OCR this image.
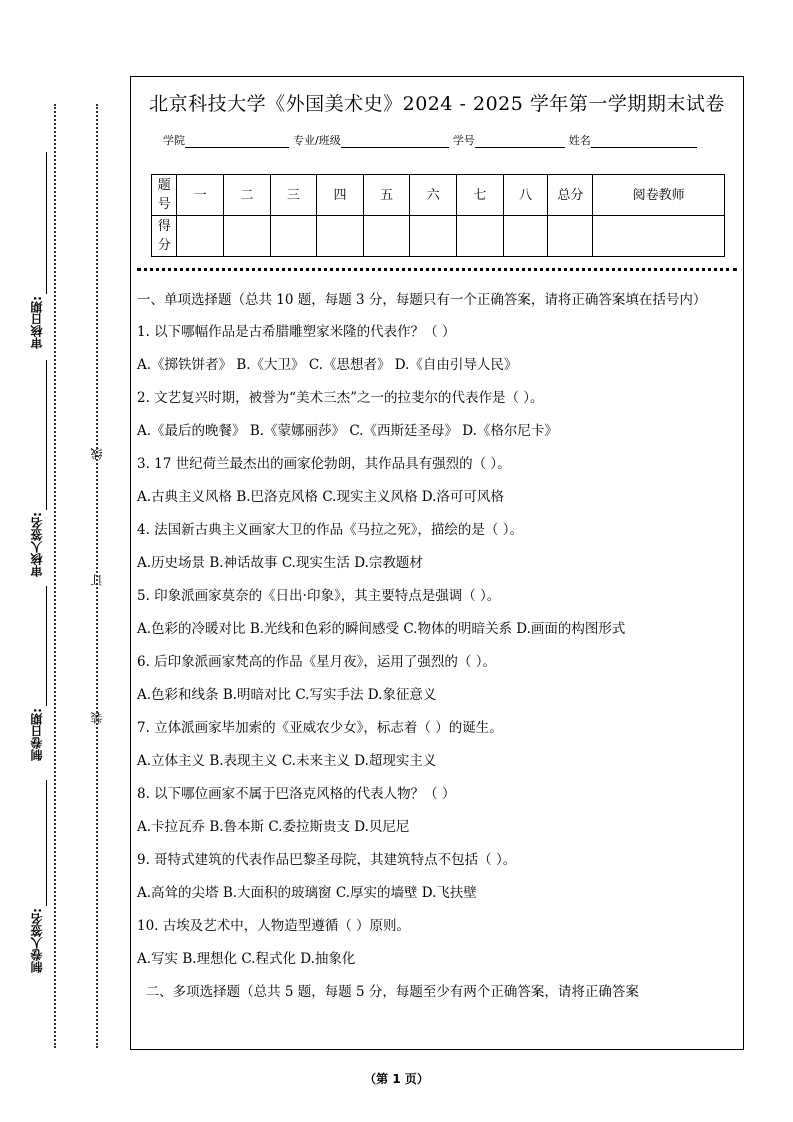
审核日期:
审核人签名:
制卷日期:
制卷人签名:
线
订
装
北京科技大学《外国美术史》2024 - 2025 学年第一学期期末试卷
学院	专业/班级	学号	姓名
题号	一	二	三	四	五	六	七	八	总分	阅卷教师
得分										

一、单项选择题（总共 10 题，每题 3 分，每题只有一个正确答案，请将正确答案填在括号内）

1. 以下哪幅作品是古希腊雕塑家米隆的代表作？（ ）

A.《掷铁饼者》 B.《大卫》 C.《思想者》 D.《自由引导人民》

2. 文艺复兴时期，被誉为“美术三杰”之一的拉斐尔的代表作是（ ）。

A.《最后的晚餐》 B.《蒙娜丽莎》 C.《西斯廷圣母》 D.《格尔尼卡》

3. 17 世纪荷兰最杰出的画家伦勃朗，其作品具有强烈的（ ）。

A.古典主义风格 B.巴洛克风格 C.现实主义风格 D.洛可可风格

4. 法国新古典主义画家大卫的作品《马拉之死》，描绘的是（ ）。

A.历史场景 B.神话故事 C.现实生活 D.宗教题材

5. 印象派画家莫奈的《日出·印象》，其主要特点是强调（ ）。

A.色彩的冷暖对比 B.光线和色彩的瞬间感受 C.物体的明暗关系 D.画面的构图形式

6. 后印象派画家梵高的作品《星月夜》，运用了强烈的（ ）。

A.色彩和线条 B.明暗对比 C.写实手法 D.象征意义

7. 立体派画家毕加索的《亚威农少女》，标志着（ ）的诞生。

A.立体主义 B.表现主义 C.未来主义 D.超现实主义

8. 以下哪位画家不属于巴洛克风格的代表人物？（ ）

A.卡拉瓦乔 B.鲁本斯 C.委拉斯贵支 D.贝尼尼

9. 哥特式建筑的代表作品巴黎圣母院，其建筑特点不包括（ ）。

A.高耸的尖塔 B.大面积的玻璃窗 C.厚实的墙壁 D.飞扶壁

10. 古埃及艺术中，人物造型遵循（ ）原则。

A.写实 B.理想化 C.程式化 D.抽象化

二、多项选择题（总共 5 题，每题 5 分，每题至少有两个正确答案，请将正确答案

（第 1 页）
